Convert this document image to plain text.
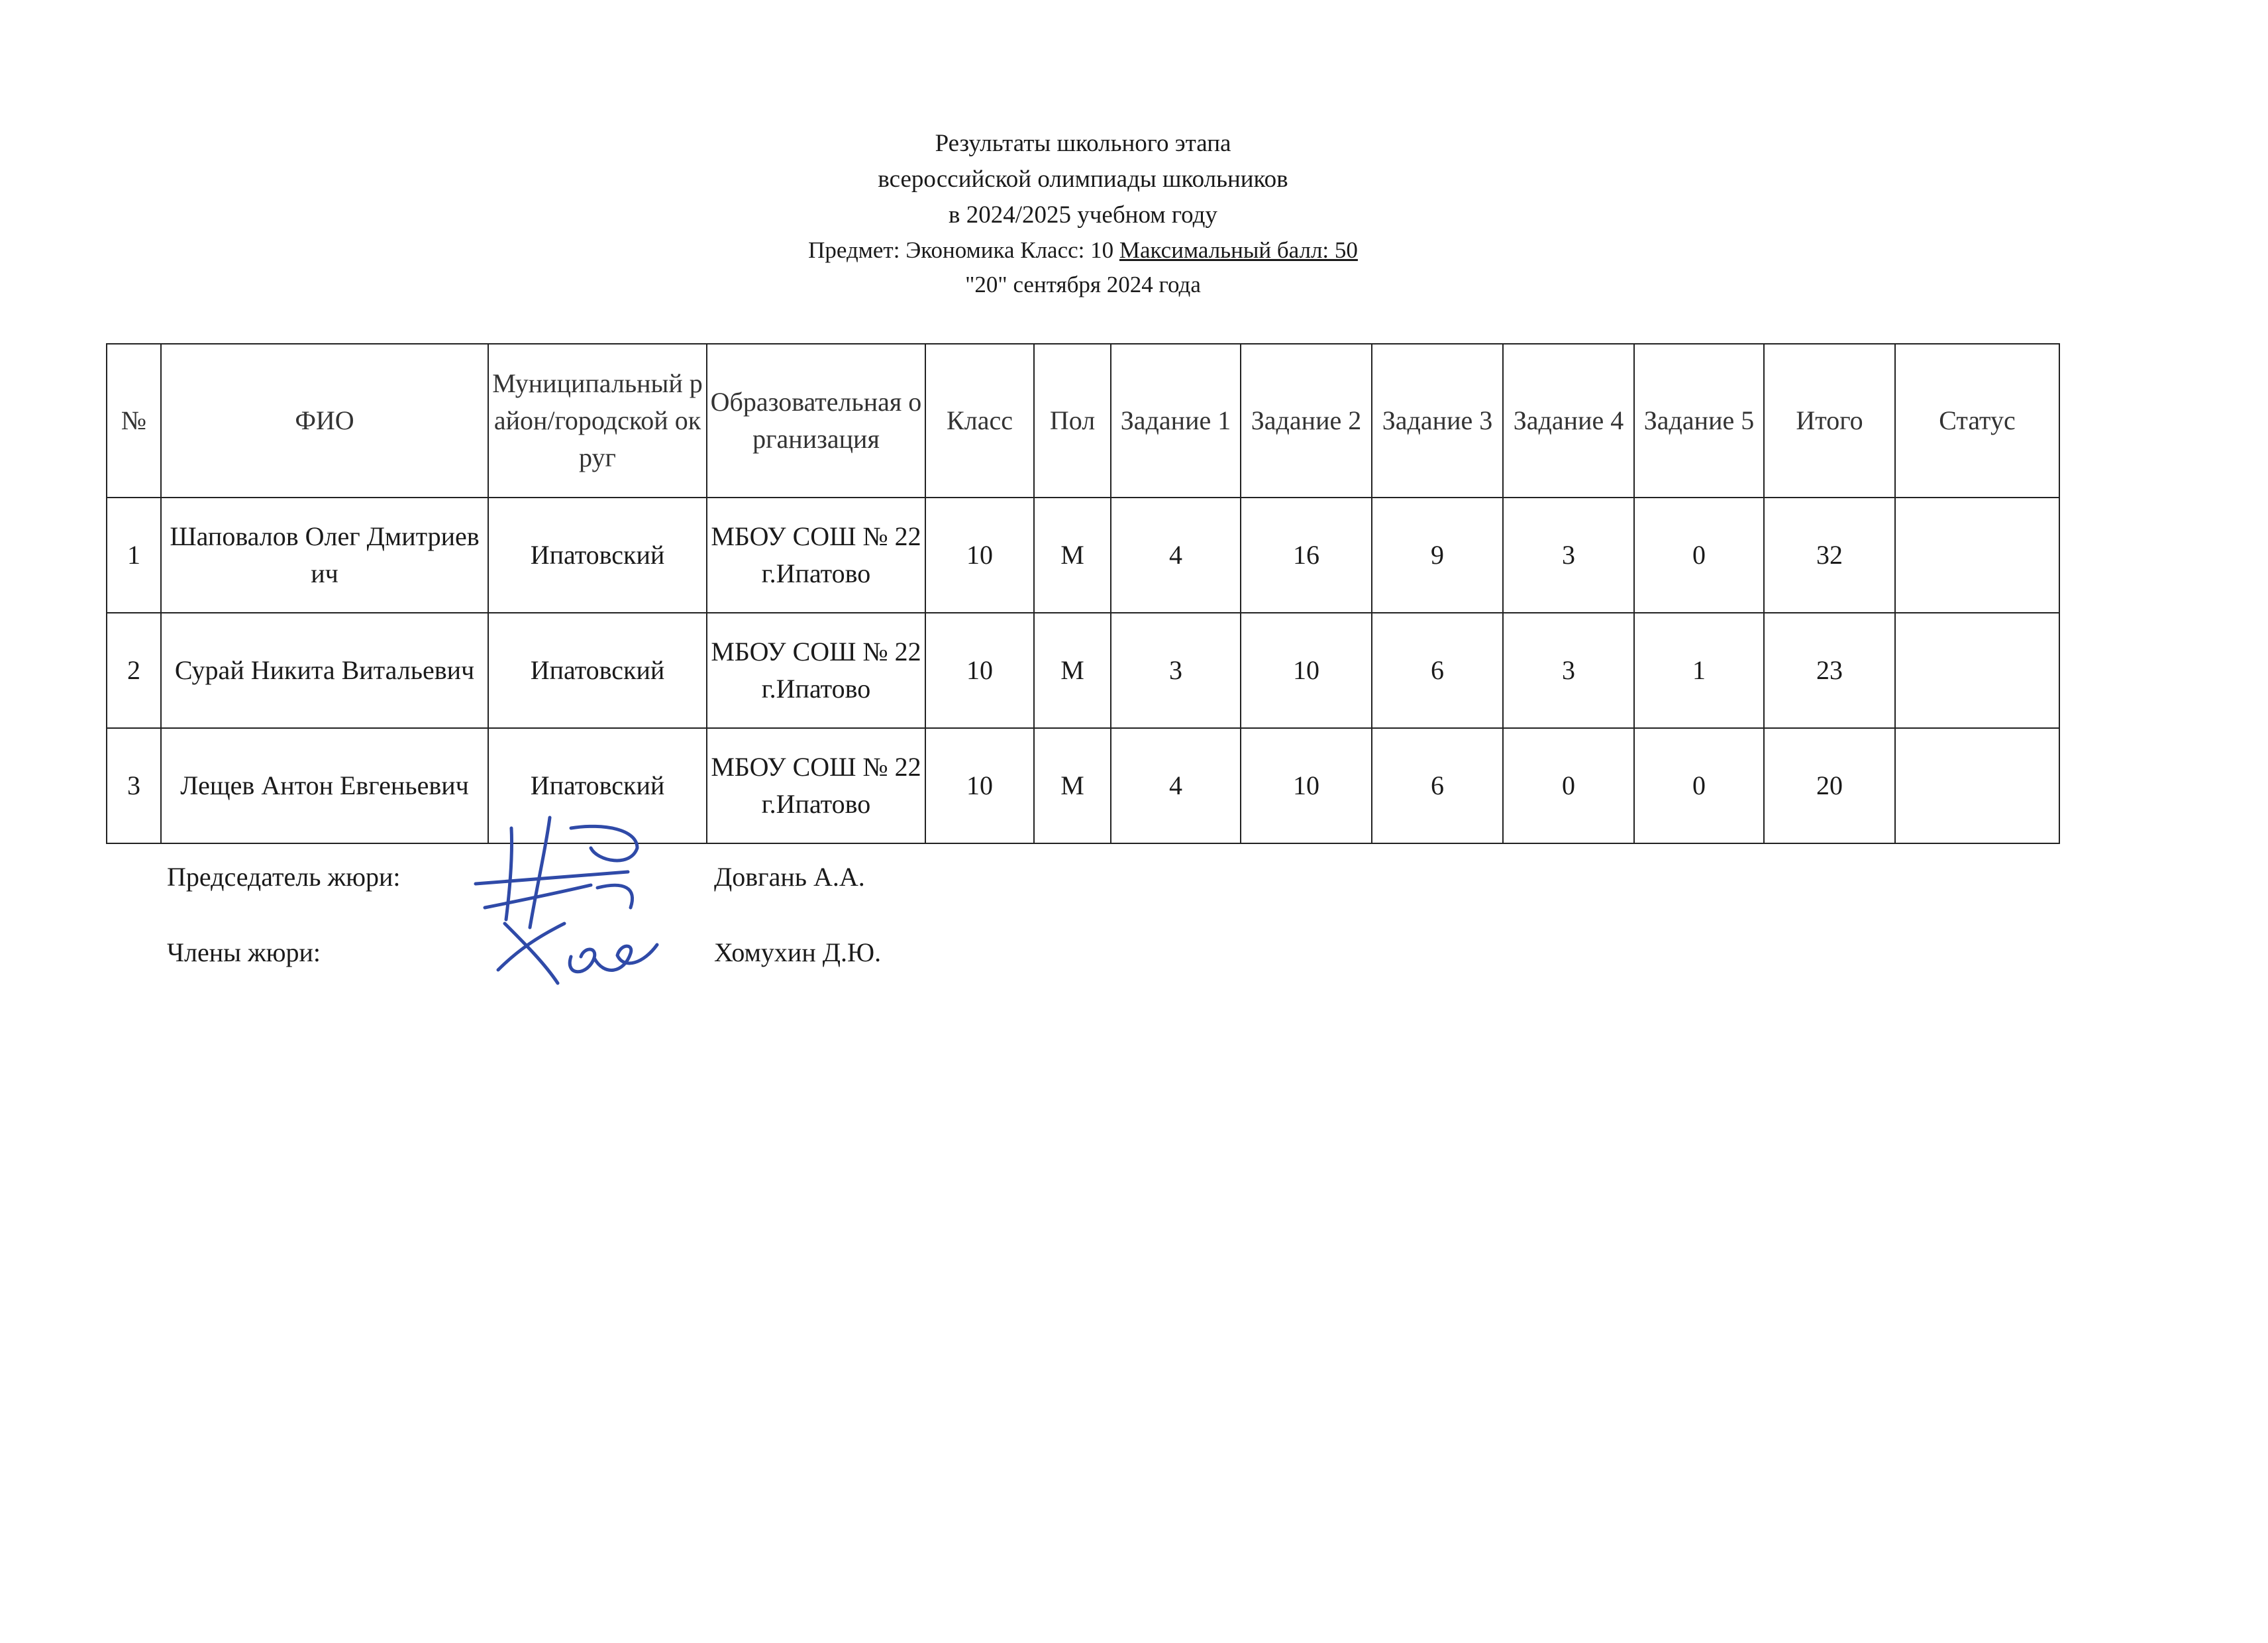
Результаты школьного этапа
всероссийской олимпиады школьников
в 2024/2025 учебном году
Предмет: Экономика Класс: 10 Максимальный балл: 50
"20" сентября 2024 года
№	ФИО	Муниципальный район/городской округ	Образовательная организация	Класс	Пол	Задание 1	Задание 2	Задание 3	Задание 4	Задание 5	Итого	Статус
1	Шаповалов Олег Дмитриевич	Ипатовский	МБОУ СОШ № 22 г.Ипатово	10	М	4	16	9	3	0	32	
2	Сурай Никита Витальевич	Ипатовский	МБОУ СОШ № 22 г.Ипатово	10	М	3	10	6	3	1	23	
3	Лещев Антон Евгеньевич	Ипатовский	МБОУ СОШ № 22 г.Ипатово	10	М	4	10	6	0	0	20	
Председатель жюри:	Довгань А.А.
Члены жюри:	Хомухин Д.Ю.
